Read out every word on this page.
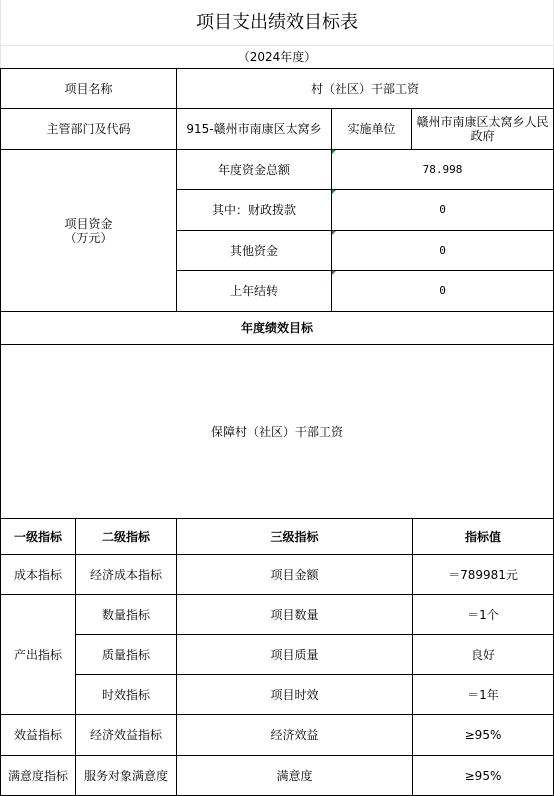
项目支出绩效目标表
（2024年度）
项目名称	村（社区）干部工资
主管部门及代码	915-赣州市南康区太窝乡	实施单位	赣州市南康区太窝乡人民政府
项目资金
（万元）
年度资金总额	78.998
其中：财政拨款	0
其他资金	0
上年结转	0
年度绩效目标
保障村（社区）干部工资
一级指标	二级指标	三级指标	指标值
成本指标	经济成本指标	项目金额	＝789981元
产出指标
数量指标	项目数量	＝1个
质量指标	项目质量	良好
时效指标	项目时效	＝1年
效益指标	经济效益指标	经济效益	≥95%
满意度指标	服务对象满意度	满意度	≥95%
